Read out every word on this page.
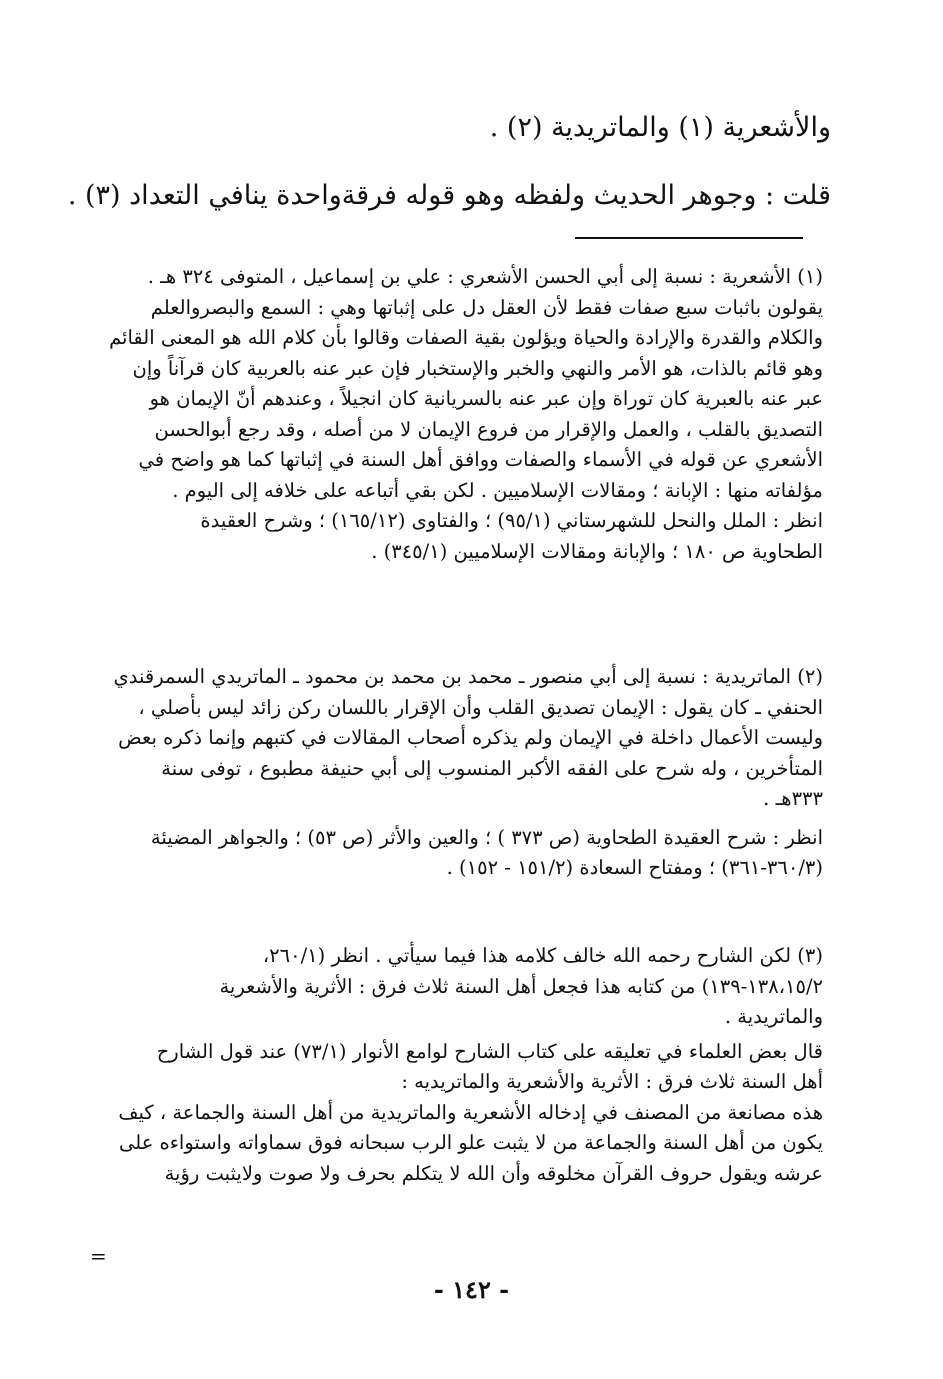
والأشعرية (١) والماتريدية (٢) .
قلت : وجوهر الحديث ولفظه وهو قوله فرقةواحدة ينافي التعداد (٣) .
(١) الأشعرية : نسبة إلى أبي الحسن الأشعري : علي بن إسماعيل ، المتوفى ٣٢٤ هـ .
يقولون باثبات سبع صفات فقط لأن العقل دل على إثباتها وهي : السمع والبصروالعلم
والكلام والقدرة والإرادة والحياة ويؤلون بقية الصفات وقالوا بأن كلام الله هو المعنى القائم
وهو قائم بالذات، هو الأمر والنهي والخبر والإستخبار فإن عبر عنه بالعربية كان قرآناً وإن
عبر عنه بالعبرية كان توراة وإن عبر عنه بالسريانية كان انجيلاً ، وعندهم أنّ الإيمان هو
التصديق بالقلب ، والعمل والإقرار من فروع الإيمان لا من أصله ، وقد رجع أبوالحسن
الأشعري عن قوله في الأسماء والصفات ووافق أهل السنة في إثباتها كما هو واضح في
مؤلفاته منها : الإبانة ؛ ومقالات الإسلاميين . لكن بقي أتباعه على خلافه إلى اليوم .
انظر : الملل والنحل للشهرستاني (٩٥/١) ؛ والفتاوى (١٦٥/١٢) ؛ وشرح العقيدة
الطحاوية ص ١٨٠ ؛ والإبانة ومقالات الإسلاميين (٣٤٥/١) .
(٢) الماتريدية : نسبة إلى أبي منصور ـ محمد بن محمد بن محمود ـ الماتريدي السمرقندي
الحنفي ـ كان يقول : الإيمان تصديق القلب وأن الإقرار باللسان ركن زائد ليس بأصلي ،
وليست الأعمال داخلة في الإيمان ولم يذكره أصحاب المقالات في كتبهم وإنما ذكره بعض
المتأخرين ، وله شرح على الفقه الأكبر المنسوب إلى أبي حنيفة مطبوع ، توفى سنة
٣٣٣هـ .
انظر : شرح العقيدة الطحاوية (ص ٣٧٣ ) ؛ والعين والأثر (ص ٥٣) ؛ والجواهر المضيئة
(٣٦٠/٣-٣٦١) ؛ ومفتاح السعادة (١٥١/٢ - ١٥٢) .
(٣) لكن الشارح رحمه الله خالف كلامه هذا فيما سيأتي . انظر (٢٦٠/١،
١٣٨،١٥/٢-١٣٩) من كتابه هذا فجعل أهل السنة ثلاث فرق : الأثرية والأشعرية
والماتريدية .
قال بعض العلماء في تعليقه على كتاب الشارح لوامع الأنوار (٧٣/١) عند قول الشارح
أهل السنة ثلاث فرق : الأثرية والأشعرية والماتريديه :
هذه مصانعة من المصنف في إدخاله الأشعرية والماتريدية من أهل السنة والجماعة ، كيف
يكون من أهل السنة والجماعة من لا يثبت علو الرب سبحانه فوق سماواته واستواءه على
عرشه ويقول حروف القرآن مخلوقه وأن الله لا يتكلم بحرف ولا صوت ولايثبت رؤية
=
- ١٤٢ -
